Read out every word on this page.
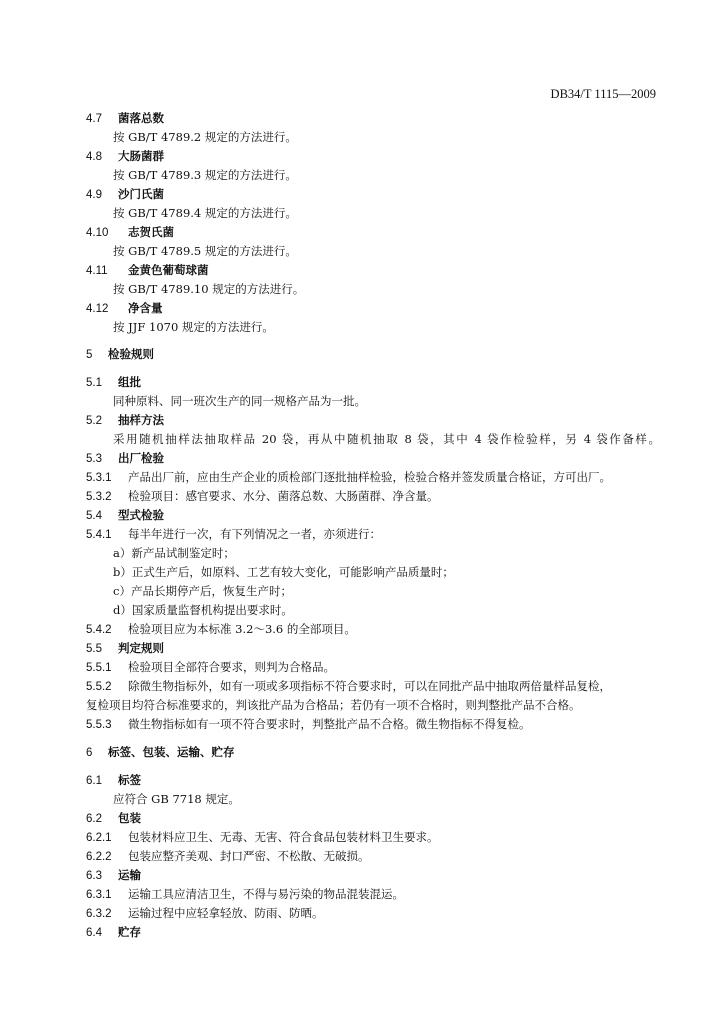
DB34/T 1115—2009
4.7 菌落总数
按 GB/T 4789.2 规定的方法进行。
4.8 大肠菌群
按 GB/T 4789.3 规定的方法进行。
4.9 沙门氏菌
按 GB/T 4789.4 规定的方法进行。
4.10 志贺氏菌
按 GB/T 4789.5 规定的方法进行。
4.11 金黄色葡萄球菌
按 GB/T 4789.10 规定的方法进行。
4.12 净含量
按 JJF 1070 规定的方法进行。
5 检验规则
5.1 组批
同种原料、同一班次生产的同一规格产品为一批。
5.2 抽样方法
采用随机抽样法抽取样品 20 袋，再从中随机抽取 8 袋，其中 4 袋作检验样，另 4 袋作备样。
5.3 出厂检验
5.3.1 产品出厂前，应由生产企业的质检部门逐批抽样检验，检验合格并签发质量合格证，方可出厂。
5.3.2 检验项目：感官要求、水分、菌落总数、大肠菌群、净含量。
5.4 型式检验
5.4.1 每半年进行一次，有下列情况之一者，亦须进行：
a）新产品试制鉴定时；
b）正式生产后，如原料、工艺有较大变化，可能影响产品质量时；
c）产品长期停产后，恢复生产时；
d）国家质量监督机构提出要求时。
5.4.2 检验项目应为本标准 3.2～3.6 的全部项目。
5.5 判定规则
5.5.1 检验项目全部符合要求，则判为合格品。
5.5.2 除微生物指标外，如有一项或多项指标不符合要求时，可以在同批产品中抽取两倍量样品复检，
复检项目均符合标准要求的，判该批产品为合格品；若仍有一项不合格时，则判整批产品不合格。
5.5.3 微生物指标如有一项不符合要求时，判整批产品不合格。微生物指标不得复检。
6 标签、包装、运输、贮存
6.1 标签
应符合 GB 7718 规定。
6.2 包装
6.2.1 包装材料应卫生、无毒、无害、符合食品包装材料卫生要求。
6.2.2 包装应整齐美观、封口严密、不松散、无破损。
6.3 运输
6.3.1 运输工具应清洁卫生，不得与易污染的物品混装混运。
6.3.2 运输过程中应轻拿轻放、防雨、防晒。
6.4 贮存
